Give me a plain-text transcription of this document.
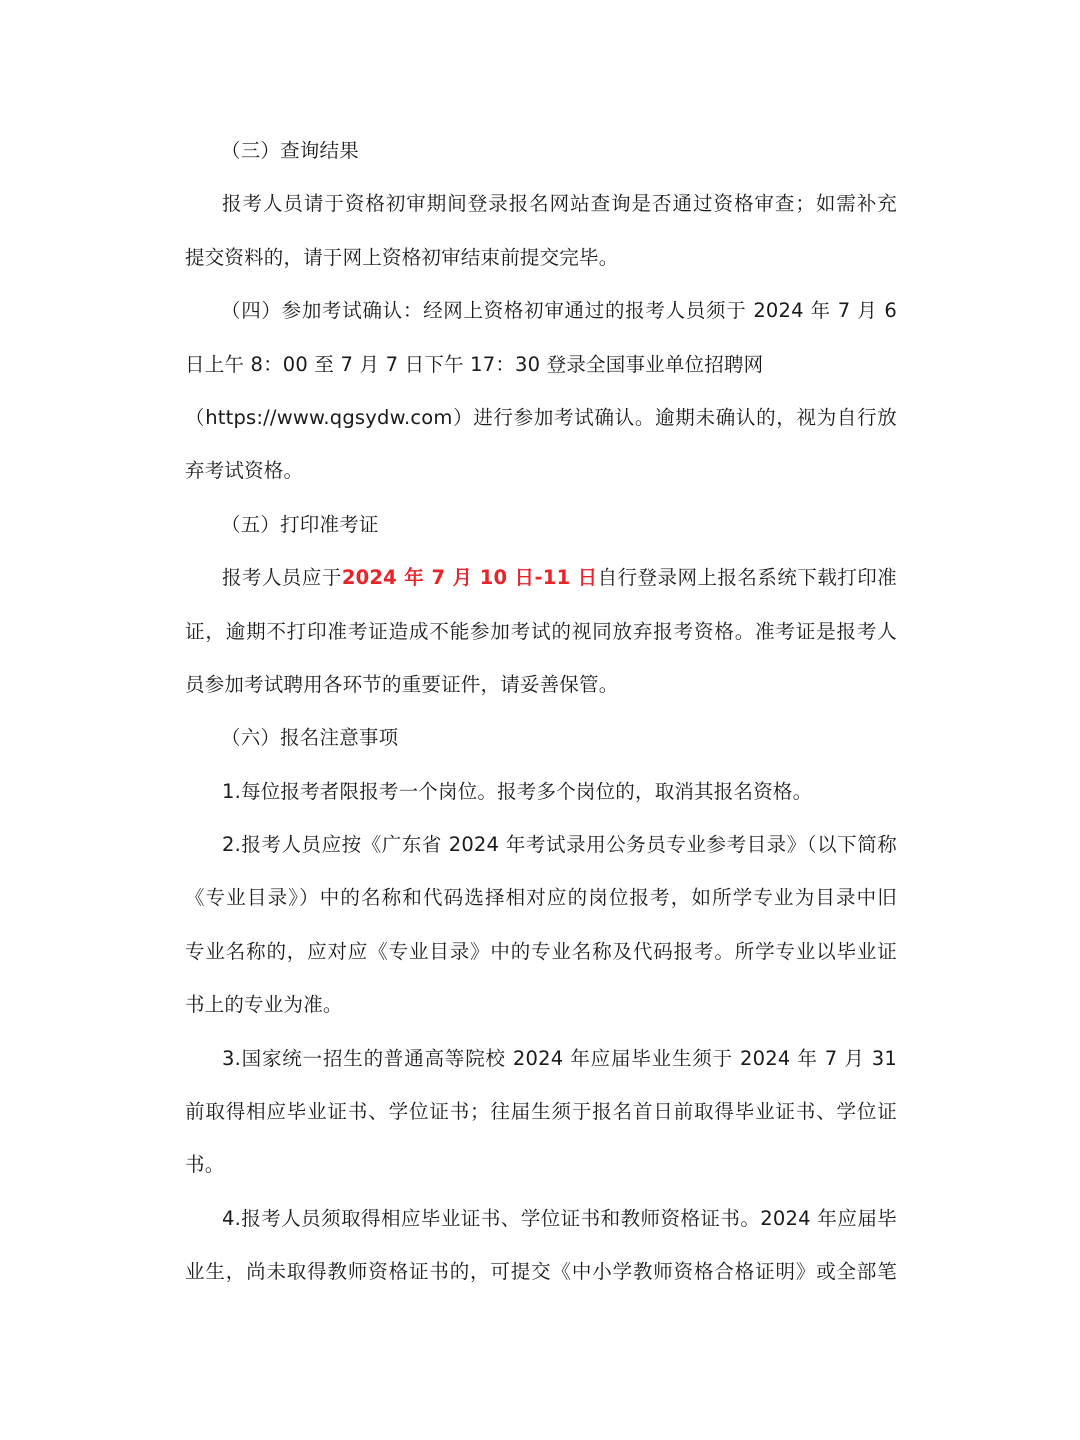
（三）查询结果
报考人员请于资格初审期间登录报名网站查询是否通过资格审查；如需补充
提交资料的，请于网上资格初审结束前提交完毕。
（四）参加考试确认：经网上资格初审通过的报考人员须于 2024 年 7 月 6
日上午 8：00 至 7 月 7 日下午 17：30 登录全国事业单位招聘网
（https://www.qgsydw.com）进行参加考试确认。逾期未确认的，视为自行放
弃考试资格。
（五）打印准考证
报考人员应于2024 年 7 月 10 日-11 日自行登录网上报名系统下载打印准
证，逾期不打印准考证造成不能参加考试的视同放弃报考资格。准考证是报考人
员参加考试聘用各环节的重要证件，请妥善保管。
（六）报名注意事项
1.每位报考者限报考一个岗位。报考多个岗位的，取消其报名资格。
2.报考人员应按《广东省 2024 年考试录用公务员专业参考目录》（以下简称
《专业目录》）中的名称和代码选择相对应的岗位报考，如所学专业为目录中旧
专业名称的，应对应《专业目录》中的专业名称及代码报考。所学专业以毕业证
书上的专业为准。
3.国家统一招生的普通高等院校 2024 年应届毕业生须于 2024 年 7 月 31
前取得相应毕业证书、学位证书；往届生须于报名首日前取得毕业证书、学位证
书。
4.报考人员须取得相应毕业证书、学位证书和教师资格证书。2024 年应届毕
业生，尚未取得教师资格证书的，可提交《中小学教师资格合格证明》或全部笔
